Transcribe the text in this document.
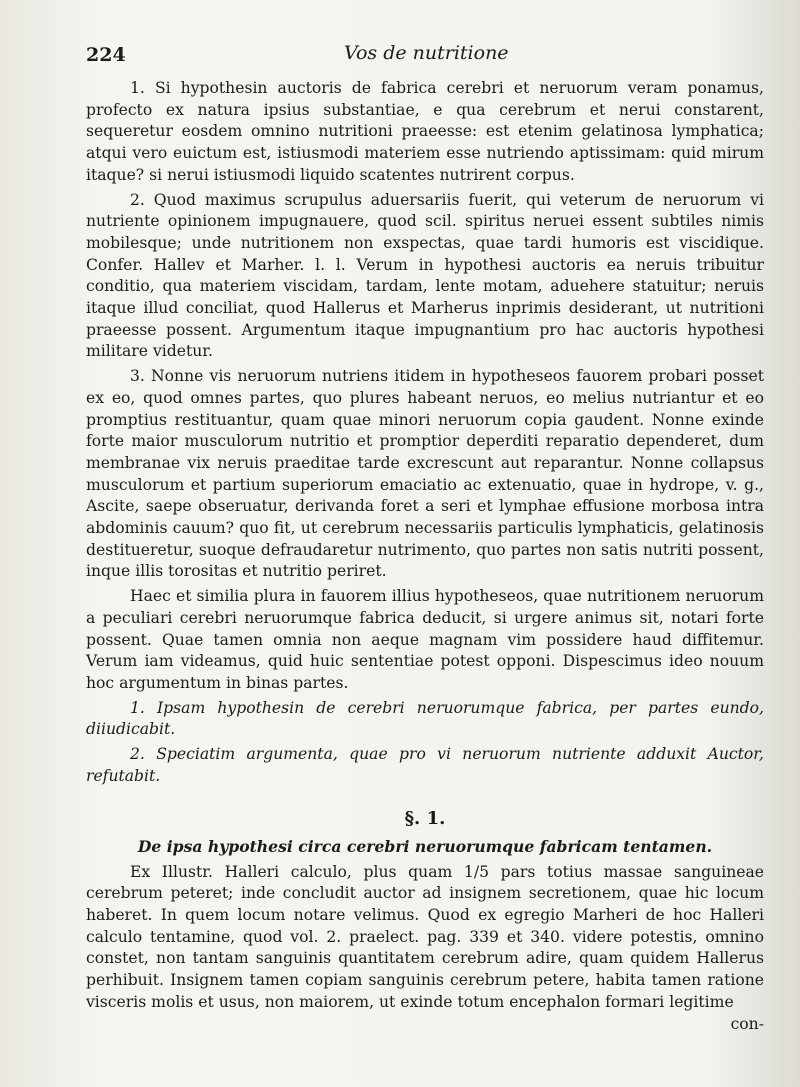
224	Vos de nutritione

1. Si hypothesin auctoris de fabrica cerebri et neruorum veram ponamus, profecto ex natura ipsius substantiae, e qua cerebrum et nerui constarent, sequeretur eosdem omnino nutritioni praeesse: est etenim gelatinosa lymphatica; atqui vero euictum est, istiusmodi materiem esse nutriendo aptissimam: quid mirum itaque? si nerui istiusmodi liquido scatentes nutrirent corpus.

2. Quod maximus scrupulus aduersariis fuerit, qui veterum de neruorum vi nutriente opinionem impugnauere, quod scil. spiritus neruei essent subtiles nimis mobilesque; unde nutritionem non exspectas, quae tardi humoris est viscidique. Confer. Hallev et Marher. l. l. Verum in hypothesi auctoris ea neruis tribuitur conditio, qua materiem viscidam, tardam, lente motam, aduehere statuitur; neruis itaque illud conciliat, quod Hallerus et Marherus inprimis desiderant, ut nutritioni praeesse possent. Argumentum itaque impugnantium pro hac auctoris hypothesi militare videtur.

3. Nonne vis neruorum nutriens itidem in hypotheseos fauorem probari posset ex eo, quod omnes partes, quo plures habeant neruos, eo melius nutriantur et eo promptius restituantur, quam quae minori neruorum copia gaudent. Nonne exinde forte maior musculorum nutritio et promptior deperditi reparatio dependeret, dum membranae vix neruis praeditae tarde excrescunt aut reparantur. Nonne collapsus musculorum et partium superiorum emaciatio ac extenuatio, quae in hydrope, v. g., Ascite, saepe obseruatur, derivanda foret a seri et lymphae effusione morbosa intra abdominis cauum? quo fit, ut cerebrum necessariis particulis lymphaticis, gelatinosis destitueretur, suoque defraudaretur nutrimento, quo partes non satis nutriti possent, inque illis torositas et nutritio periret.

Haec et similia plura in fauorem illius hypotheseos, quae nutritionem neruorum a peculiari cerebri neruorumque fabrica deducit, si urgere animus sit, notari forte possent. Quae tamen omnia non aeque magnam vim possidere haud diffitemur. Verum iam videamus, quid huic sententiae potest opponi. Dispescimus ideo nouum hoc argumentum in binas partes.

1. Ipsam hypothesin de cerebri neruorumque fabrica, per partes eundo, diiudicabit.

2. Speciatim argumenta, quae pro vi neruorum nutriente adduxit Auctor, refutabit.

§. 1.
De ipsa hypothesi circa cerebri neruorumque fabricam tentamen.

Ex Illustr. Halleri calculo, plus quam 1/5 pars totius massae sanguineae cerebrum peteret; inde concludit auctor ad insignem secretionem, quae hic locum haberet. In quem locum notare velimus. Quod ex egregio Marheri de hoc Halleri calculo tentamine, quod vol. 2. praelect. pag. 339 et 340. videre potestis, omnino constet, non tantam sanguinis quantitatem cerebrum adire, quam quidem Hallerus perhibuit. Insignem tamen copiam sanguinis cerebrum petere, habita tamen ratione visceris molis et usus, non maiorem, ut exinde totum encephalon formari legitime

con-
